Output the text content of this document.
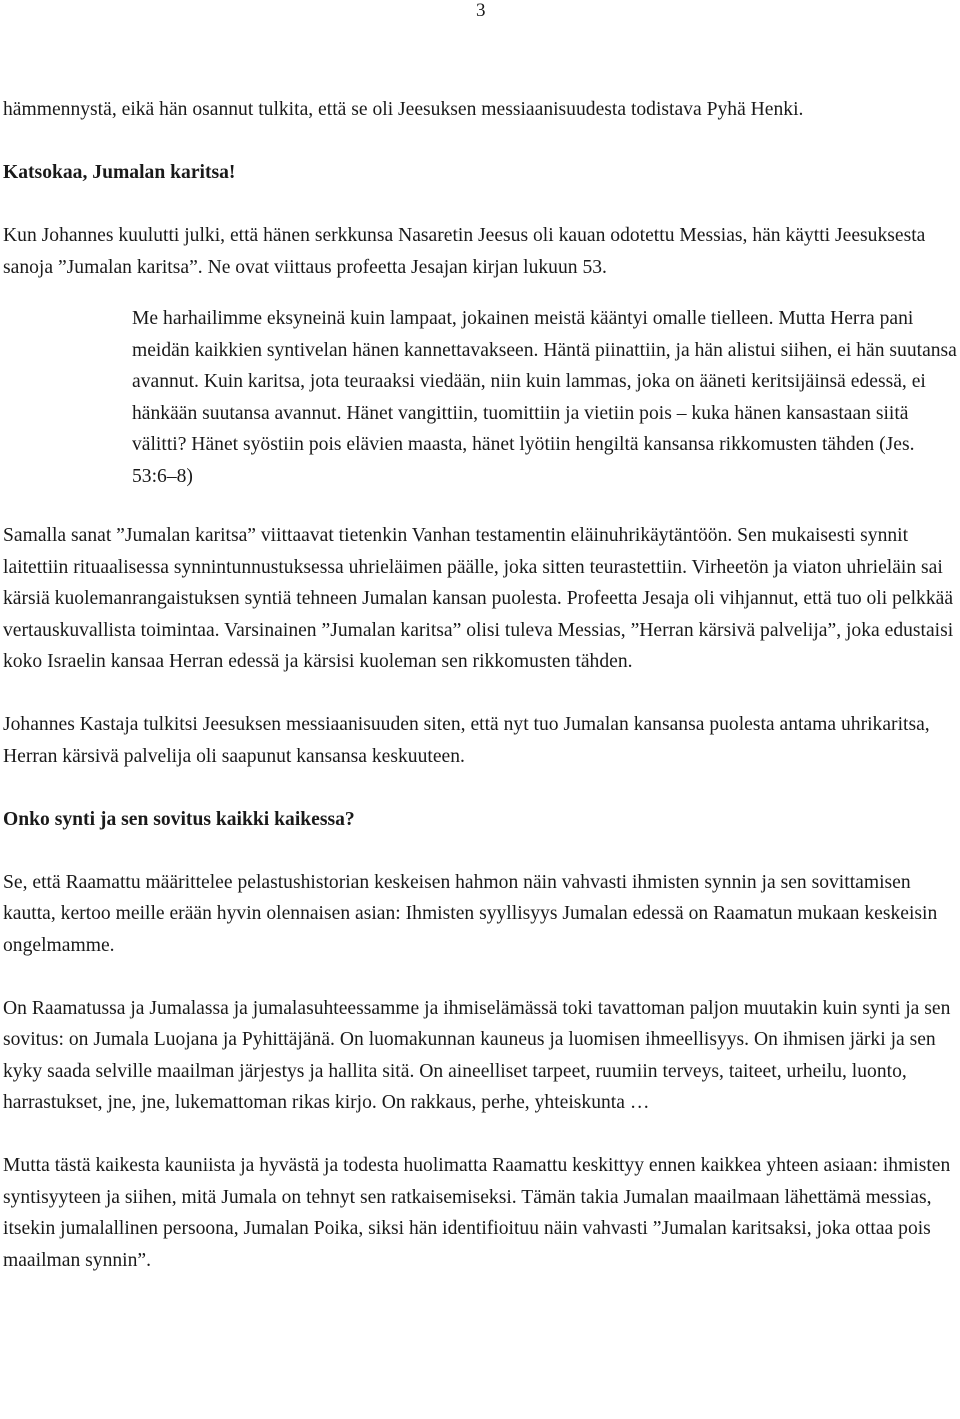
3

hämmennystä, eikä hän osannut tulkita, että se oli Jeesuksen messiaanisuudesta todistava Pyhä Henki.

Katsokaa, Jumalan karitsa!

Kun Johannes kuulutti julki, että hänen serkkunsa Nasaretin Jeesus oli kauan odotettu Messias, hän käytti Jeesuksesta sanoja ”Jumalan karitsa”. Ne ovat viittaus profeetta Jesajan kirjan lukuun 53.

Me harhailimme eksyneinä kuin lampaat, jokainen meistä kääntyi omalle tielleen. Mutta Herra pani meidän kaikkien syntivelan hänen kannettavakseen. Häntä piinattiin, ja hän alistui siihen, ei hän suutansa avannut. Kuin karitsa, jota teuraaksi viedään, niin kuin lammas, joka on ääneti keritsijäinsä edessä, ei hänkään suutansa avannut. Hänet vangittiin, tuomittiin ja vietiin pois – kuka hänen kansastaan siitä välitti? Hänet syöstiin pois elävien maasta, hänet lyötiin hengiltä kansansa rikkomusten tähden (Jes. 53:6–8)

Samalla sanat ”Jumalan karitsa” viittaavat tietenkin Vanhan testamentin eläinuhrikäytäntöön. Sen mukaisesti synnit laitettiin rituaalisessa synnintunnustuksessa uhrieläimen päälle, joka sitten teurastettiin. Virheetön ja viaton uhrieläin sai kärsiä kuolemanrangaistuksen syntiä tehneen Jumalan kansan puolesta. Profeetta Jesaja oli vihjannut, että tuo oli pelkkää vertauskuvallista toimintaa. Varsinainen ”Jumalan karitsa” olisi tuleva Messias, ”Herran kärsivä palvelija”, joka edustaisi koko Israelin kansaa Herran edessä ja kärsisi kuoleman sen rikkomusten tähden.

Johannes Kastaja tulkitsi Jeesuksen messiaanisuuden siten, että nyt tuo Jumalan kansansa puolesta antama uhrikaritsa, Herran kärsivä palvelija oli saapunut kansansa keskuuteen.

Onko synti ja sen sovitus kaikki kaikessa?

Se, että Raamattu määrittelee pelastushistorian keskeisen hahmon näin vahvasti ihmisten synnin ja sen sovittamisen kautta, kertoo meille erään hyvin olennaisen asian: Ihmisten syyllisyys Jumalan edessä on Raamatun mukaan keskeisin ongelmamme.

On Raamatussa ja Jumalassa ja jumalasuhteessamme ja ihmiselämässä toki tavattoman paljon muutakin kuin synti ja sen sovitus: on Jumala Luojana ja Pyhittäjänä. On luomakunnan kauneus ja luomisen ihmeellisyys. On ihmisen järki ja sen kyky saada selville maailman järjestys ja hallita sitä. On aineelliset tarpeet, ruumiin terveys, taiteet, urheilu, luonto, harrastukset, jne, jne, lukemattoman rikas kirjo. On rakkaus, perhe, yhteiskunta …

Mutta tästä kaikesta kauniista ja hyvästä ja todesta huolimatta Raamattu keskittyy ennen kaikkea yhteen asiaan: ihmisten syntisyyteen ja siihen, mitä Jumala on tehnyt sen ratkaisemiseksi. Tämän takia Jumalan maailmaan lähettämä messias, itsekin jumalallinen persoona, Jumalan Poika, siksi hän identifioituu näin vahvasti ”Jumalan karitsaksi, joka ottaa pois maailman synnin”.
